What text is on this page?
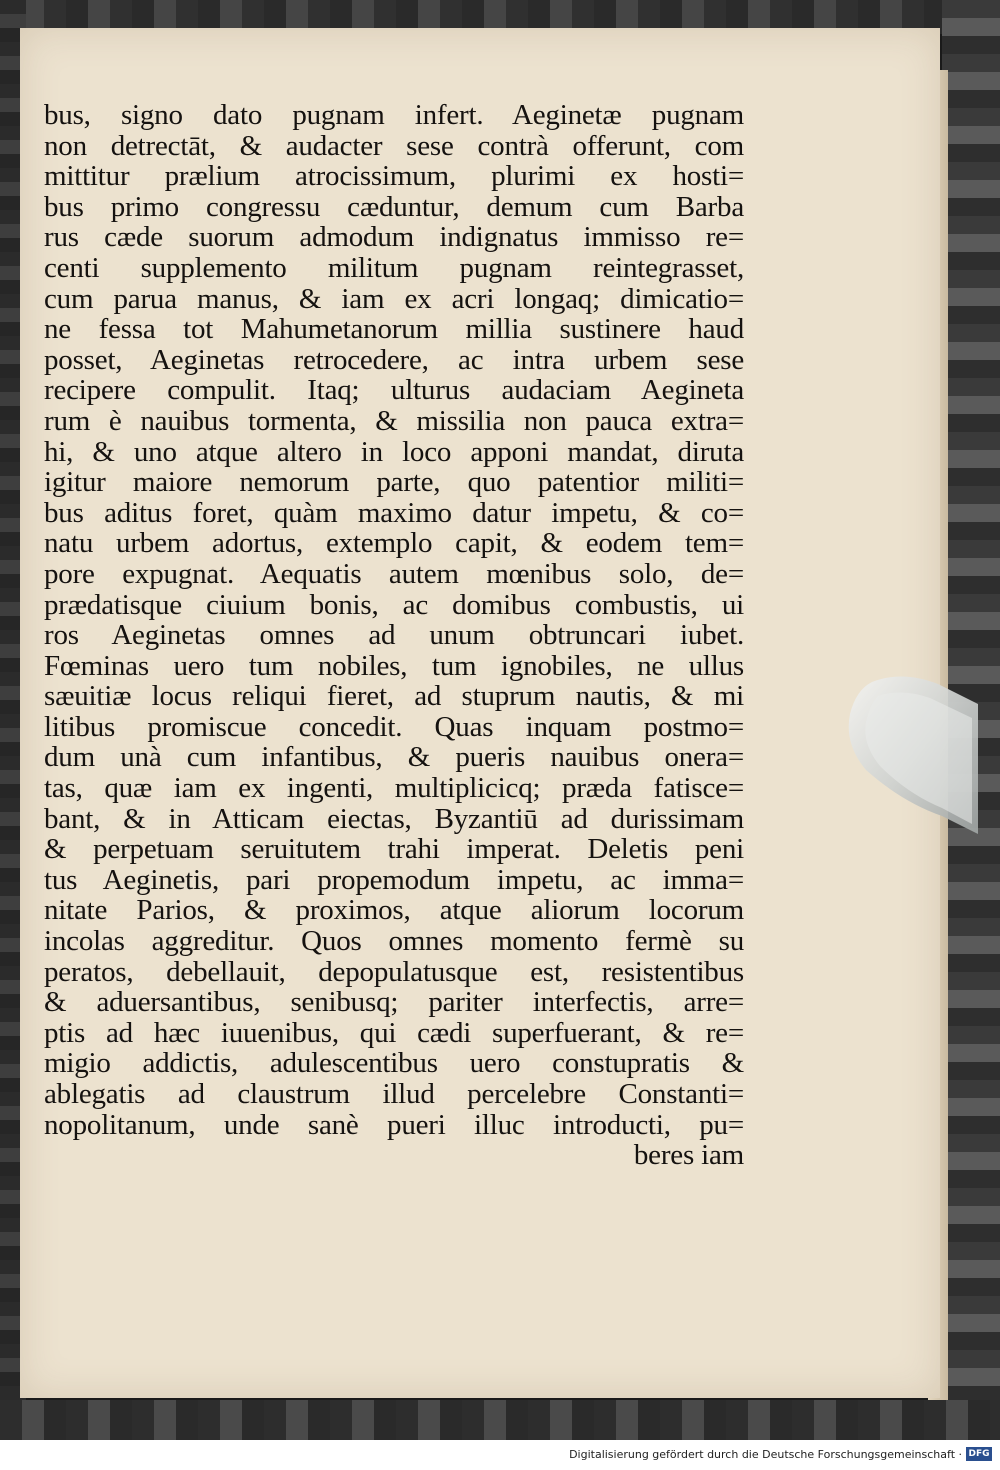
bus, signo dato pugnam infert. Aeginetæ pugnam
non detrectāt, & audacter sese contrà offerunt, com
mittitur prælium atrocissimum, plurimi ex hosti=
bus primo congressu cæduntur, demum cum Barba
rus cæde suorum admodum indignatus immisso re=
centi supplemento militum pugnam reintegrasset,
cum parua manus, & iam ex acri longaq; dimicatio=
ne fessa tot Mahumetanorum millia sustinere haud
posset, Aeginetas retrocedere, ac intra urbem sese
recipere compulit. Itaq; ulturus audaciam Aegineta
rum è nauibus tormenta, & missilia non pauca extra=
hi, & uno atque altero in loco apponi mandat, diruta
igitur maiore nemorum parte, quo patentior militi=
bus aditus foret, quàm maximo datur impetu, & co=
natu urbem adortus, extemplo capit, & eodem tem=
pore expugnat. Aequatis autem mœnibus solo, de=
prædatisque ciuium bonis, ac domibus combustis, ui
ros Aeginetas omnes ad unum obtruncari iubet.
Fœminas uero tum nobiles, tum ignobiles, ne ullus
sæuitiæ locus reliqui fieret, ad stuprum nautis, & mi
litibus promiscue concedit. Quas inquam postmo=
dum unà cum infantibus, & pueris nauibus onera=
tas, quæ iam ex ingenti, multiplicicq; præda fatisce=
bant, & in Atticam eiectas, Byzantiū ad durissimam
& perpetuam seruitutem trahi imperat. Deletis peni
tus Aeginetis, pari propemodum impetu, ac imma=
nitate Parios, & proximos, atque aliorum locorum
incolas aggreditur. Quos omnes momento fermè su
peratos, debellauit, depopulatusque est, resistentibus
& aduersantibus, senibusq; pariter interfectis, arre=
ptis ad hæc iuuenibus, qui cædi superfuerant, & re=
migio addictis, adulescentibus uero constupratis &
ablegatis ad claustrum illud percelebre Constanti=
nopolitanum, unde sanè pueri illuc introducti, pu=
beres iam

Digitalisierung gefördert durch die Deutsche Forschungsgemeinschaft · DFG
